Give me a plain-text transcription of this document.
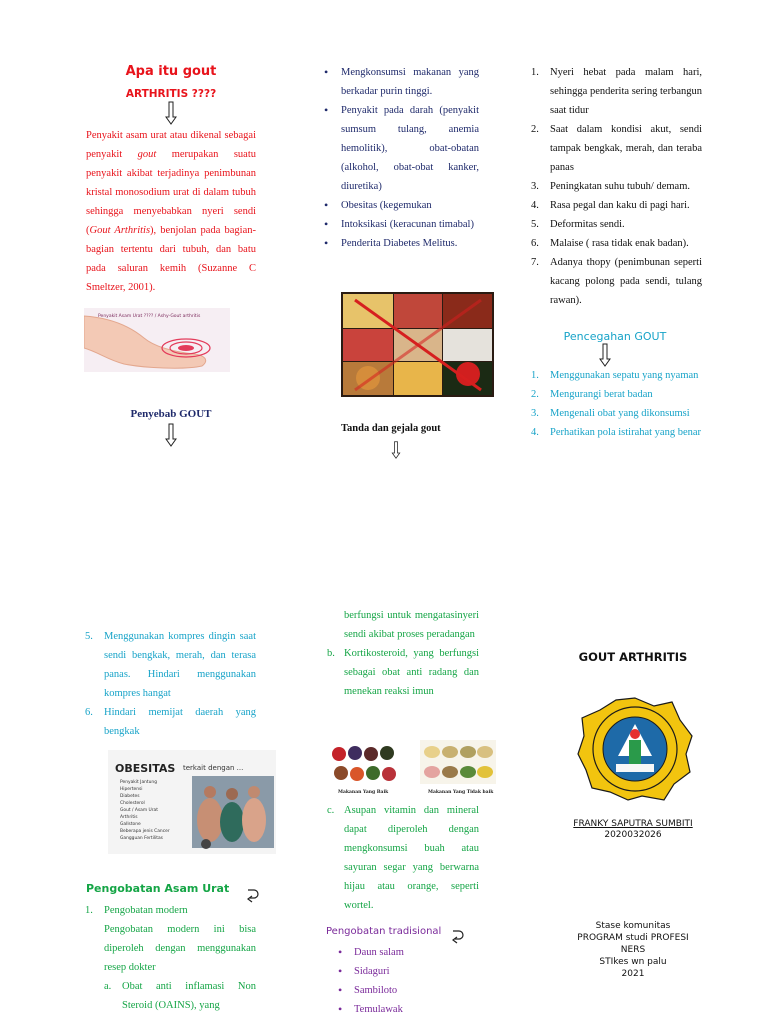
Apa itu gout
ARTHRITIS ????
Penyakit asam urat atau dikenal sebagai penyakit gout merupakan suatu penyakit akibat terjadinya penimbunan kristal monosodium urat di dalam tubuh sehingga menyebabkan nyeri sendi (Gout Arthritis), benjolan pada bagian-bagian tertentu dari tubuh, dan batu pada saluran kemih (Suzanne C Smeltzer, 2001).
Penyakit Asam Urat ???? / Ashy-Gout arthritis
Penyebab GOUT
• Mengkonsumsi makanan yang berkadar purin tinggi.
• Penyakit pada darah (penyakit sumsum tulang, anemia hemolitik), obat-obatan (alkohol, obat-obat kanker, diuretika)
• Obesitas (kegemukan
• Intoksikasi (keracunan timabal)
• Penderita Diabetes Melitus.
Tanda dan gejala gout
1. Nyeri hebat pada malam hari, sehingga penderita sering terbangun saat tidur
2. Saat dalam kondisi akut, sendi tampak bengkak, merah, dan teraba panas
3. Peningkatan suhu tubuh/ demam.
4. Rasa pegal dan kaku di pagi hari.
5. Deformitas sendi.
6. Malaise ( rasa tidak enak badan).
7. Adanya thopy (penimbunan seperti kacang polong pada sendi, tulang rawan).
Pencegahan GOUT
1. Menggunakan sepatu yang nyaman
2. Mengurangi berat badan
3. Mengenali obat yang dikonsumsi
4. Perhatikan pola istirahat yang benar
5. Menggunakan kompres dingin saat sendi bengkak, merah, dan terasa panas. Hindari menggunakan kompres hangat
6. Hindari memijat daerah yang bengkak
OBESITAS terkait dengan ...
Penyakit Jantung
Hipertensi
Diabetes
Cholesterol
Gout / Asam Urat
Arthritis
Gallstone
Beberapa jenis Cancer
Gangguan Fertilitas
Pengobatan Asam Urat
1. Pengobatan modern
Pengobatan modern ini bisa diperoleh dengan menggunakan resep dokter
a. Obat anti inflamasi Non Steroid (OAINS), yang
berfungsi untuk mengatasinyeri sendi akibat proses peradangan
b. Kortikosteroid, yang berfungsi sebagai obat anti radang dan menekan reaksi imun
Makanan Yang Baik	Makanan Yang Tidak baik
c. Asupan vitamin dan mineral dapat diperoleh dengan mengkonsumsi buah atau sayuran segar yang berwarna hijau atau orange, seperti wortel.
Pengobatan tradisional
• Daun salam
• Sidaguri
• Sambiloto
• Temulawak
GOUT ARTHRITIS
FRANKY SAPUTRA SUMBITI
2020032026
Stase komunitas
PROGRAM studi PROFESI
NERS
STIkes wn palu
2021
